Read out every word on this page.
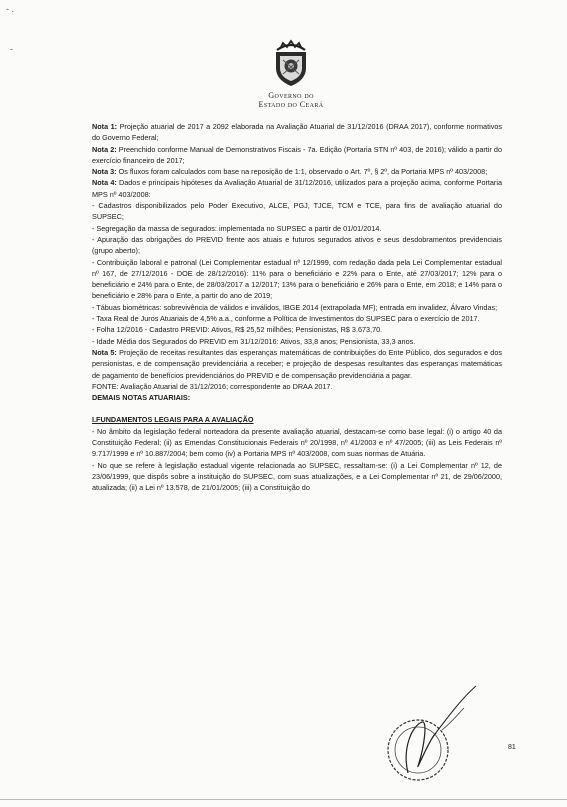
‐ .
‐
Governo do
Estado do Ceará

Nota 1: Projeção atuarial de 2017 a 2092 elaborada na Avaliação Atuarial de 31/12/2016 (DRAA 2017), conforme normativos do Governo Federal;

Nota 2: Preenchido conforme Manual de Demonstrativos Fiscais - 7a. Edição (Portaria STN nº 403, de 2016); válido a partir do exercício financeiro de 2017;

Nota 3: Os fluxos foram calculados com base na reposição de 1:1, observado o Art. 7º, § 2º, da Portaria MPS nº 403/2008;

Nota 4: Dados e principais hipóteses da Avaliação Atuarial de 31/12/2016, utilizados para a projeção acima, conforme Portaria MPS nº 403/2008:

- Cadastros disponibilizados pelo Poder Executivo, ALCE, PGJ, TJCE, TCM e TCE, para fins de avaliação atuarial do SUPSEC;

- Segregação da massa de segurados: implementada no SUPSEC a partir de 01/01/2014.

- Apuração das obrigações do PREVID frente aos atuais e futuros segurados ativos e seus desdobramentos previdenciais (grupo aberto);

- Contribuição laboral e patronal (Lei Complementar estadual nº 12/1999, com redação dada pela Lei Complementar estadual nº 167, de 27/12/2016 - DOE de 28/12/2016): 11% para o beneficiário e 22% para o Ente, até 27/03/2017; 12% para o beneficiário e 24% para o Ente, de 28/03/2017 a 12/2017; 13% para o beneficiário e 26% para o Ente, em 2018; e 14% para o beneficiário e 28% para o Ente, a partir do ano de 2019;

- Tábuas biométricas: sobrevivência de válidos e inválidos, IBGE 2014 (extrapolada MF); entrada em invalidez, Álvaro Vindas;

- Taxa Real de Juros Atuariais de 4,5% a.a., conforme a Política de Investimentos do SUPSEC para o exercício de 2017.

- Folha 12/2016 - Cadastro PREVID: Ativos, R$ 25,52 milhões; Pensionistas, R$ 3.673,70.

- Idade Média dos Segurados do PREVID em 31/12/2016: Ativos, 33,8 anos; Pensionista, 33,3 anos.

Nota 5: Projeção de receitas resultantes das esperanças matemáticas de contribuições do Ente Público, dos segurados e dos pensionistas, e de compensação previdenciária a receber; e projeção de despesas resultantes das esperanças matemáticas de pagamento de benefícios previdenciários do PREVID e de compensação previdenciária a pagar.

FONTE: Avaliação Atuarial de 31/12/2016; correspondente ao DRAA 2017.

DEMAIS NOTAS ATUARIAIS:

I.FUNDAMENTOS LEGAIS PARA A AVALIAÇÃO

- No âmbito da legislação federal norteadora da presente avaliação atuarial, destacam-se como base legal: (i) o artigo 40 da Constituição Federal; (ii) as Emendas Constitucionais Federais nº 20/1998, nº 41/2003 e nº 47/2005; (iii) as Leis Federais nº 9.717/1999 e nº 10.887/2004; bem como (iv) a Portaria MPS nº 403/2008, com suas normas de Atuária.

- No que se refere à legislação estadual vigente relacionada ao SUPSEC, ressaltam-se: (i) a Lei Complementar nº 12, de 23/06/1999, que dispôs sobre a instituição do SUPSEC, com suas atualizações, e a Lei Complementar nº 21, de 29/06/2000, atualizada; (ii) a Lei nº 13.578, de 21/01/2005; (iii) a Constituição do

81
